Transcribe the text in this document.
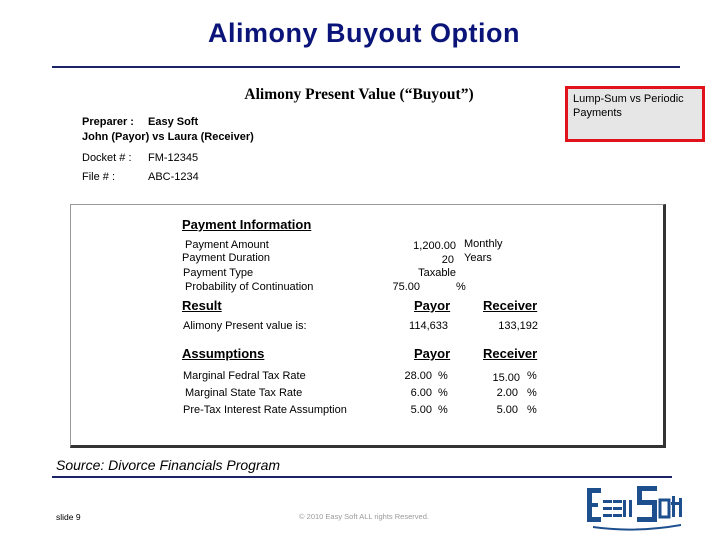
Alimony Buyout Option
Alimony Present Value (“Buyout”)	Lump-Sum vs Periodic Payments
Preparer : Easy Soft
John (Payor) vs Laura (Receiver)
Docket # : FM-12345
File # :	ABC-1234
Payment Information
Payment Amount	1,200.00 Monthly
Payment Duration	20 Years
Payment Type	Taxable
Probability of Continuation	75.00	%
Result	Payor	Receiver
Alimony Present value is:	114,633	133,192
Assumptions	Payor	Receiver
Marginal Fedral Tax Rate	28.00 %	15.00 %
Marginal State Tax Rate	6.00 %	2.00 %
Pre-Tax Interest Rate Assumption	5.00 %	5.00 %
Source: Divorce Financials Program
slide 9	© 2010 Easy Soft ALL rights Reserved.
